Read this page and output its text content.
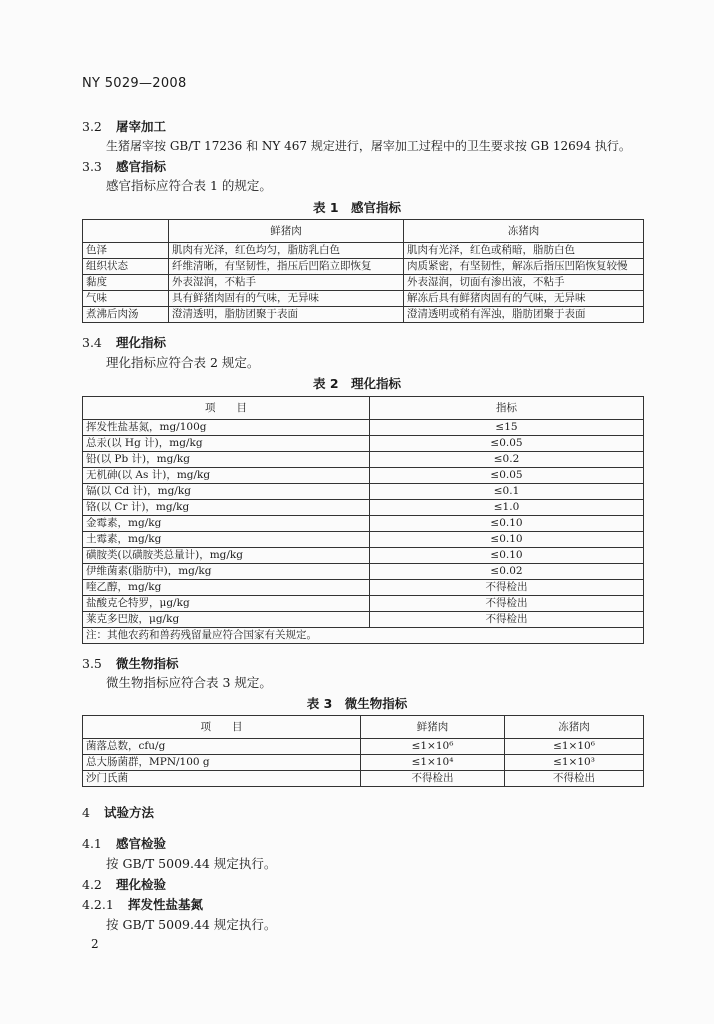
NY 5029—2008
3.2 屠宰加工
生猪屠宰按 GB/T 17236 和 NY 467 规定进行，屠宰加工过程中的卫生要求按 GB 12694 执行。
3.3 感官指标
感官指标应符合表 1 的规定。
表 1　感官指标
	鲜猪肉	冻猪肉
色泽	肌肉有光泽，红色均匀，脂肪乳白色	肌肉有光泽，红色或稍暗，脂肪白色
组织状态	纤维清晰，有坚韧性，指压后凹陷立即恢复	肉质紧密，有坚韧性，解冻后指压凹陷恢复较慢
黏度	外表湿润，不粘手	外表湿润，切面有渗出液，不粘手
气味	具有鲜猪肉固有的气味，无异味	解冻后具有鲜猪肉固有的气味，无异味
煮沸后肉汤	澄清透明，脂肪团聚于表面	澄清透明或稍有浑浊，脂肪团聚于表面
3.4 理化指标
理化指标应符合表 2 规定。
表 2　理化指标
项　　目	指标
挥发性盐基氮，mg/100g	≤15
总汞(以 Hg 计)，mg/kg	≤0.05
铅(以 Pb 计)，mg/kg	≤0.2
无机砷(以 As 计)，mg/kg	≤0.05
镉(以 Cd 计)，mg/kg	≤0.1
铬(以 Cr 计)，mg/kg	≤1.0
金霉素，mg/kg	≤0.10
土霉素，mg/kg	≤0.10
磺胺类(以磺胺类总量计)，mg/kg	≤0.10
伊维菌素(脂肪中)，mg/kg	≤0.02
喹乙醇，mg/kg	不得检出
盐酸克仑特罗，μg/kg	不得检出
莱克多巴胺，μg/kg	不得检出
注：其他农药和兽药残留量应符合国家有关规定。	
3.5 微生物指标
微生物指标应符合表 3 规定。
表 3　微生物指标
项　　目	鲜猪肉	冻猪肉
菌落总数，cfu/g	≤1×10⁶	≤1×10⁶
总大肠菌群，MPN/100 g	≤1×10⁴	≤1×10³
沙门氏菌	不得检出	不得检出
4 试验方法
4.1 感官检验
按 GB/T 5009.44 规定执行。
4.2 理化检验
4.2.1 挥发性盐基氮
按 GB/T 5009.44 规定执行。
2
